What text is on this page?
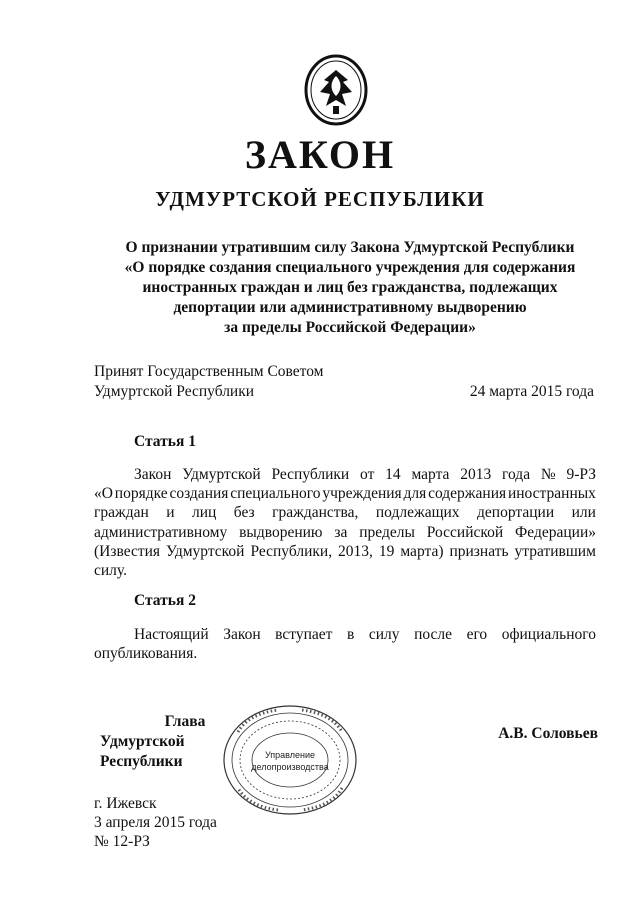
ЗАКОН
УДМУРТСКОЙ РЕСПУБЛИКИ
О признании утратившим силу Закона Удмуртской Республики
«О порядке создания специального учреждения для содержания
иностранных граждан и лиц без гражданства, подлежащих
депортации или административному выдворению
за пределы Российской Федерации»
Принят Государственным Советом
Удмуртской Республики	24 марта 2015 года
Статья 1
Закон Удмуртской Республики от 14 марта 2013 года № 9-РЗ
«О порядке создания специального учреждения для содержания иностранных
граждан и лиц без гражданства, подлежащих депортации или
административному выдворению за пределы Российской Федерации»
(Известия Удмуртской Республики, 2013, 19 марта) признать утратившим
силу.
Статья 2
Настоящий Закон вступает в силу после его официального
опубликования.
Глава
Удмуртской Республики	Управление
делопроизводства
А.В. Соловьев
г. Ижевск
3 апреля 2015 года
№ 12-РЗ
